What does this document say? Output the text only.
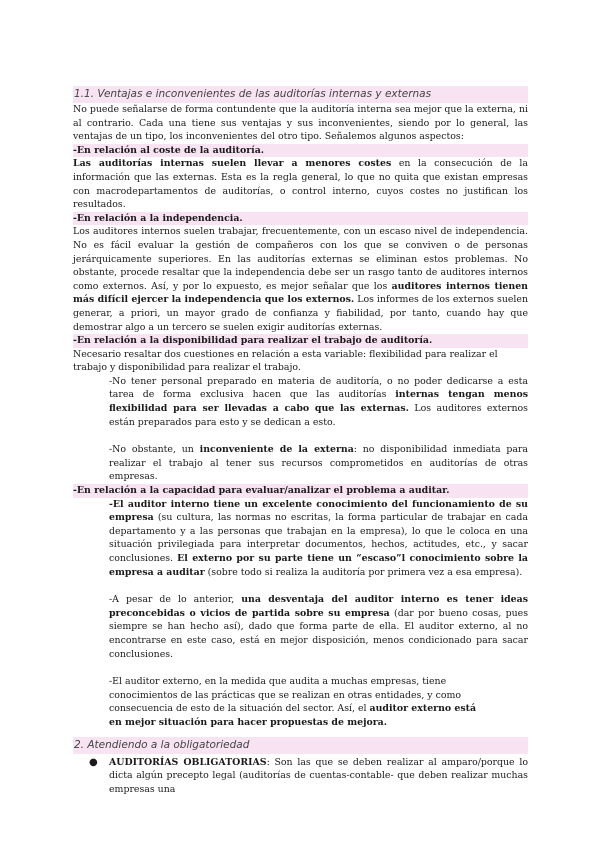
1.1. Ventajas e inconvenientes de las auditorías internas y externas

No puede señalarse de forma contundente que la auditoría interna sea mejor que la externa, ni al contrario. Cada una tiene sus ventajas y sus inconvenientes, siendo por lo general, las ventajas de un tipo, los inconvenientes del otro tipo. Señalemos algunos aspectos:

-En relación al coste de la auditoría.

Las auditorías internas suelen llevar a menores costes en la consecución de la información que las externas. Esta es la regla general, lo que no quita que existan empresas con macrodepartamentos de auditorías, o control interno, cuyos costes no justifican los resultados.

-En relación a la independencia.

Los auditores internos suelen trabajar, frecuentemente, con un escaso nivel de independencia. No es fácil evaluar la gestión de compañeros con los que se conviven o de personas jerárquicamente superiores. En las auditorías externas se eliminan estos problemas. No obstante, procede resaltar que la independencia debe ser un rasgo tanto de auditores internos como externos. Así, y por lo expuesto, es mejor señalar que los auditores internos tienen más difícil ejercer la independencia que los externos. Los informes de los externos suelen generar, a priori, un mayor grado de confianza y fiabilidad, por tanto, cuando hay que demostrar algo a un tercero se suelen exigir auditorías externas.

-En relación a la disponibilidad para realizar el trabajo de auditoría.

Necesario resaltar dos cuestiones en relación a esta variable: flexibilidad para realizar el

trabajo y disponibilidad para realizar el trabajo.

-No tener personal preparado en materia de auditoría, o no poder dedicarse a esta tarea de forma exclusiva hacen que las auditorías internas tengan menos flexibilidad para ser llevadas a cabo que las externas. Los auditores externos están preparados para esto y se dedican a esto.

-No obstante, un inconveniente de la externa: no disponibilidad inmediata para realizar el trabajo al tener sus recursos comprometidos en auditorías de otras empresas.

-En relación a la capacidad para evaluar/analizar el problema a auditar.

-El auditor interno tiene un excelente conocimiento del funcionamiento de su empresa (su cultura, las normas no escritas, la forma particular de trabajar en cada departamento y a las personas que trabajan en la empresa), lo que le coloca en una situación privilegiada para interpretar documentos, hechos, actitudes, etc., y sacar conclusiones. El externo por su parte tiene un “escaso”l conocimiento sobre la empresa a auditar (sobre todo si realiza la auditoría por primera vez a esa empresa).

-A pesar de lo anterior, una desventaja del auditor interno es tener ideas preconcebidas o vicios de partida sobre su empresa (dar por bueno cosas, pues siempre se han hecho así), dado que forma parte de ella. El auditor externo, al no encontrarse en este caso, está en mejor disposición, menos condicionado para sacar conclusiones.

-El auditor externo, en la medida que audita a muchas empresas, tiene conocimientos de las prácticas que se realizan en otras entidades, y como consecuencia de esto de la situación del sector. Así, el auditor externo está en mejor situación para hacer propuestas de mejora.

2. Atendiendo a la obligatoriedad
● AUDITORÍAS OBLIGATORIAS: Son las que se deben realizar al amparo/porque lo dicta algún precepto legal (auditorías de cuentas-contable- que deben realizar muchas empresas una
